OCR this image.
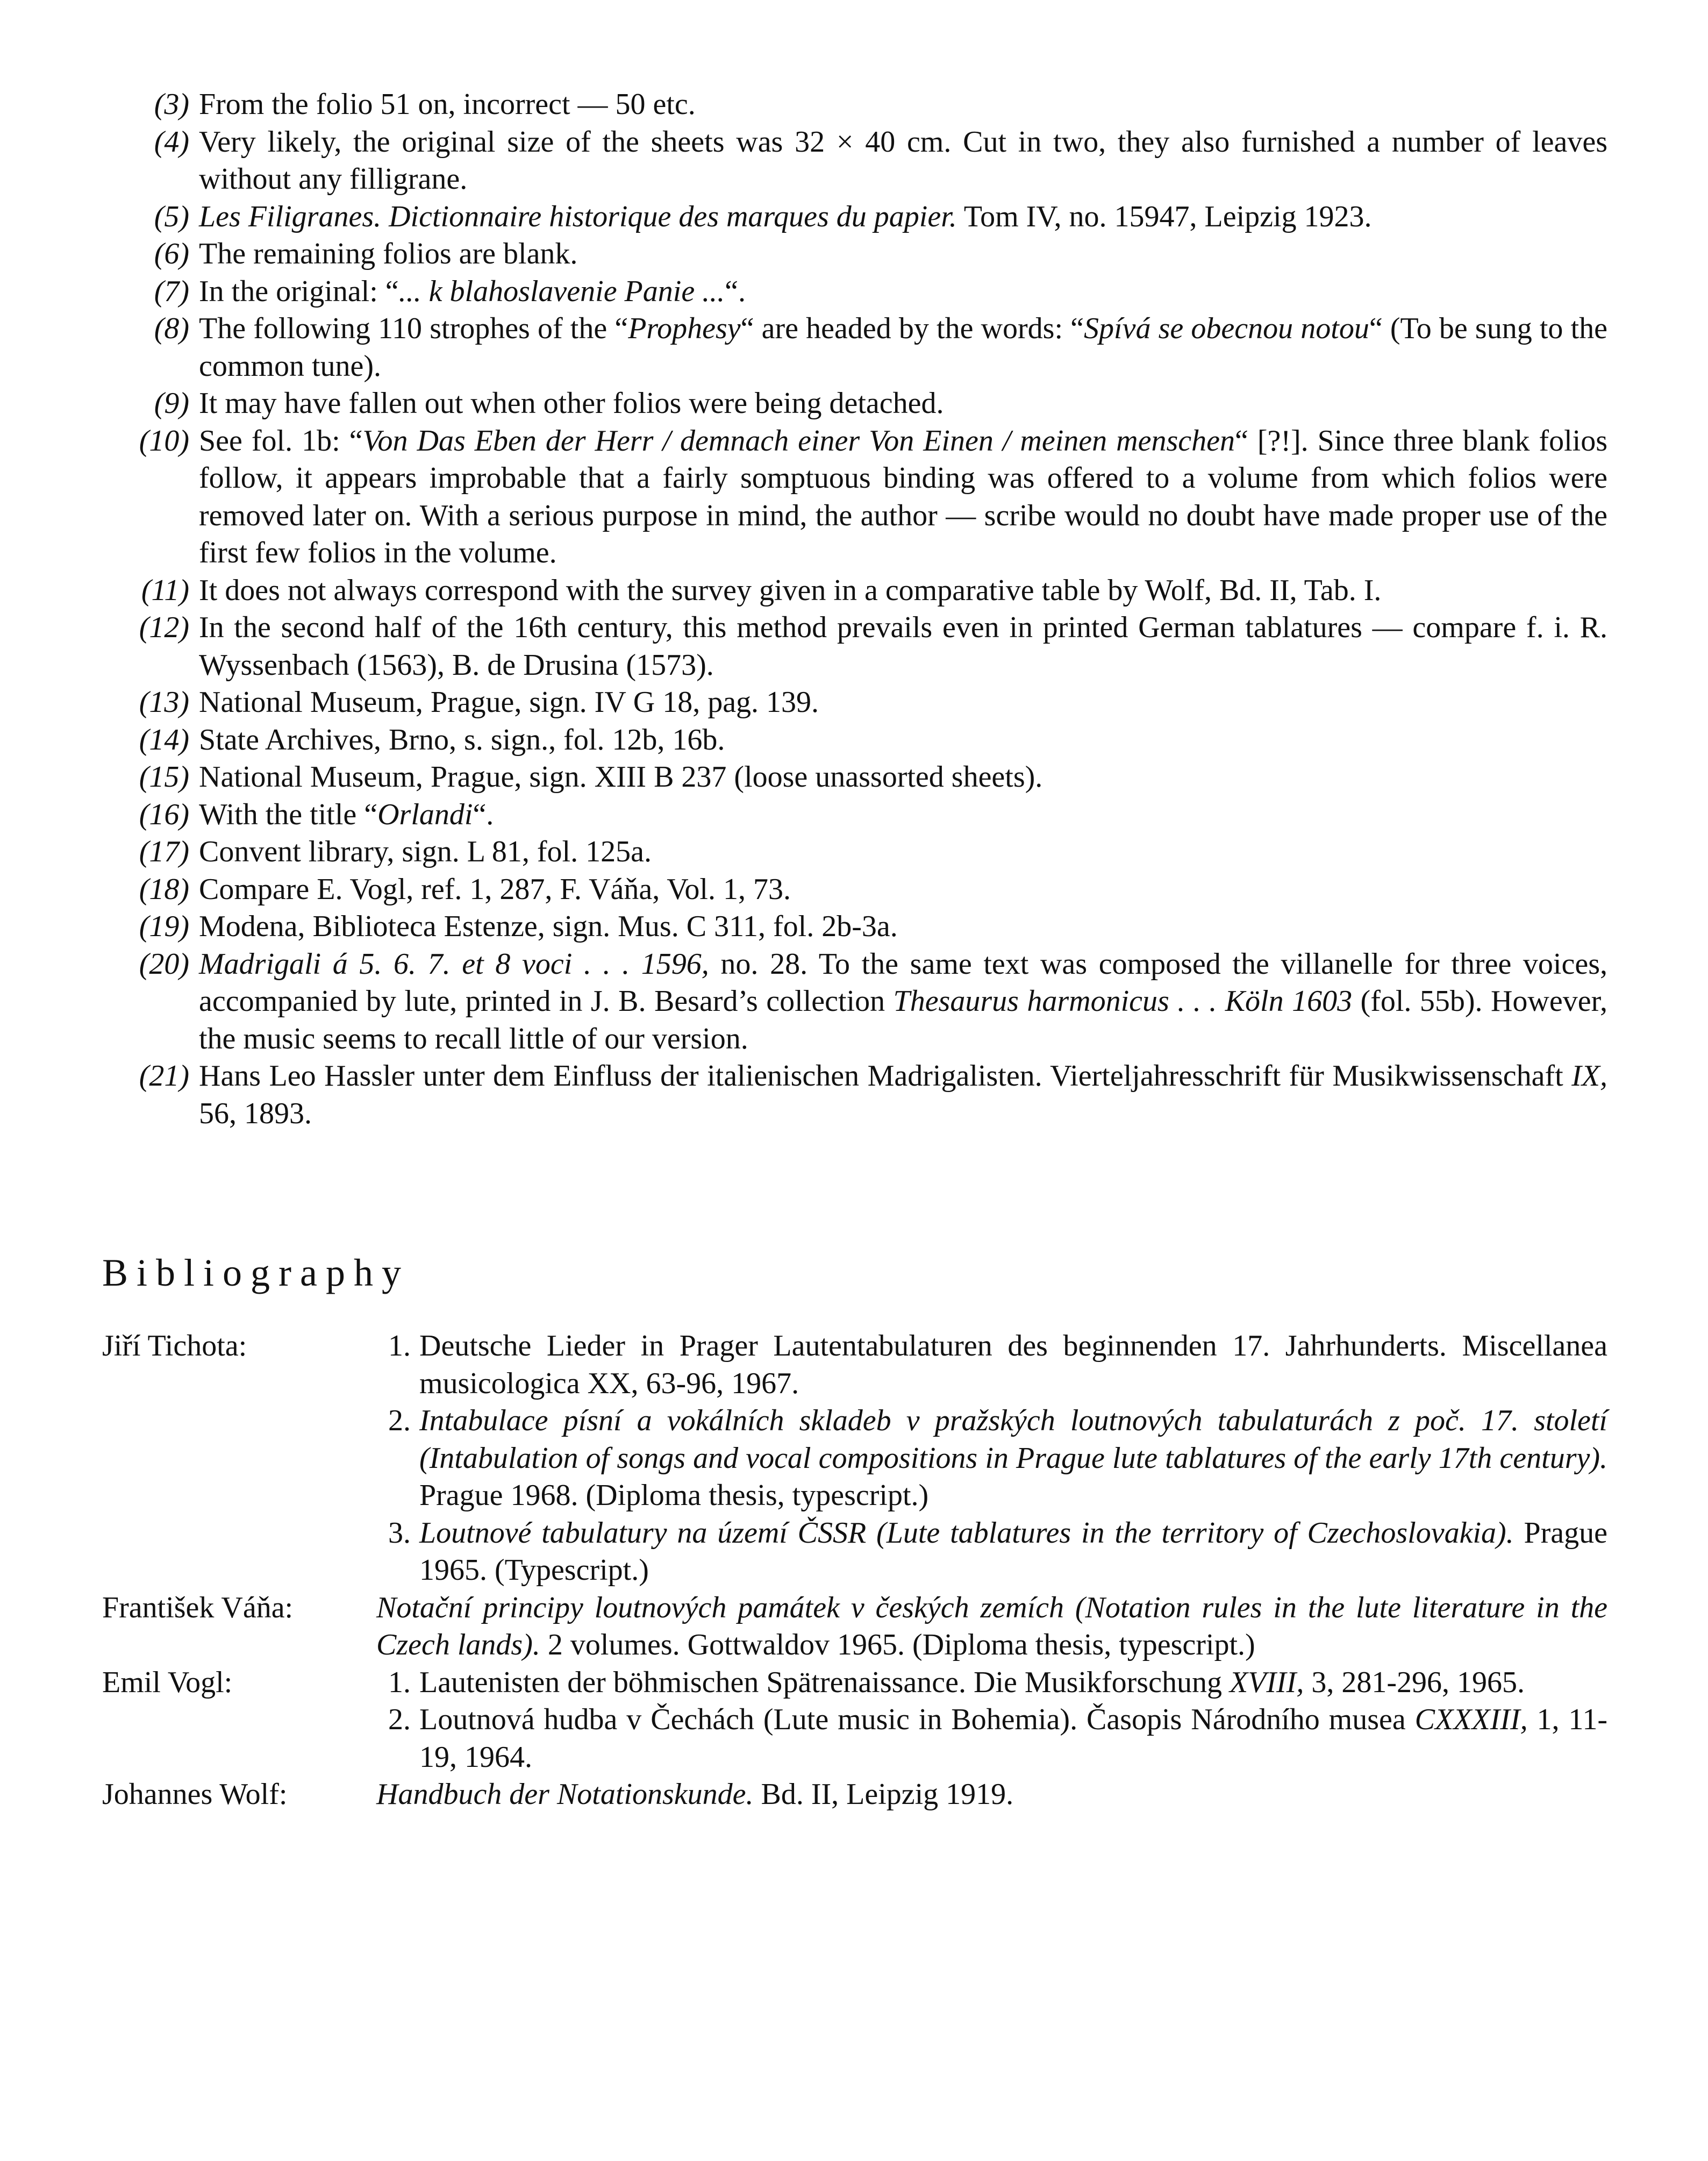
(3) From the folio 51 on, incorrect — 50 etc.
(4) Very likely, the original size of the sheets was 32 × 40 cm. Cut in two, they also furnished a number of leaves without any filligrane.
(5) Les Filigranes. Dictionnaire historique des marques du papier. Tom IV, no. 15947, Leipzig 1923.
(6) The remaining folios are blank.
(7) In the original: “... k blahoslavenie Panie ...“.
(8) The following 110 strophes of the “Prophesy“ are headed by the words: “Spívá se obecnou notou“ (To be sung to the common tune).
(9) It may have fallen out when other folios were being detached.
(10) See fol. 1b: “Von Das Eben der Herr / demnach einer Von Einen / meinen menschen“ [?!]. Since three blank folios follow, it appears improbable that a fairly somptuous binding was offered to a volume from which folios were removed later on. With a serious purpose in mind, the author — scribe would no doubt have made proper use of the first few folios in the volume.
(11) It does not always correspond with the survey given in a comparative table by Wolf, Bd. II, Tab. I.
(12) In the second half of the 16th century, this method prevails even in printed German tablatures — compare f. i. R. Wyssenbach (1563), B. de Drusina (1573).
(13) National Museum, Prague, sign. IV G 18, pag. 139.
(14) State Archives, Brno, s. sign., fol. 12b, 16b.
(15) National Museum, Prague, sign. XIII B 237 (loose unassorted sheets).
(16) With the title “Orlandi“.
(17) Convent library, sign. L 81, fol. 125a.
(18) Compare E. Vogl, ref. 1, 287, F. Váňa, Vol. 1, 73.
(19) Modena, Biblioteca Estenze, sign. Mus. C 311, fol. 2b-3a.
(20) Madrigali á 5. 6. 7. et 8 voci . . . 1596, no. 28. To the same text was composed the villanelle for three voices, accompanied by lute, printed in J. B. Besard’s collection Thesaurus harmonicus . . . Köln 1603 (fol. 55b). However, the music seems to recall little of our version.
(21) Hans Leo Hassler unter dem Einfluss der italienischen Madrigalisten. Vierteljahresschrift für Musikwissenschaft IX, 56, 1893.
Bibliography
Jiří Tichota:	1. Deutsche Lieder in Prager Lautentabulaturen des beginnenden 17. Jahrhunderts. Miscellanea musicologica XX, 63-96, 1967.
2. Intabulace písní a vokálních skladeb v pražských loutnových tabulaturách z poč. 17. století (Intabulation of songs and vocal compositions in Prague lute tablatures of the early 17th century). Prague 1968. (Diploma thesis, typescript.)
3. Loutnové tabulatury na území ČSSR (Lute tablatures in the territory of Czechoslovakia). Prague 1965. (Typescript.)
František Váňa:	Notační principy loutnových památek v českých zemích (Notation rules in the lute literature in the Czech lands). 2 volumes. Gottwaldov 1965. (Diploma thesis, typescript.)
Emil Vogl:	1. Lautenisten der böhmischen Spätrenaissance. Die Musikforschung XVIII, 3, 281-296, 1965.
2. Loutnová hudba v Čechách (Lute music in Bohemia). Časopis Národního musea CXXXIII, 1, 11-19, 1964.
Johannes Wolf:	Handbuch der Notationskunde. Bd. II, Leipzig 1919.
